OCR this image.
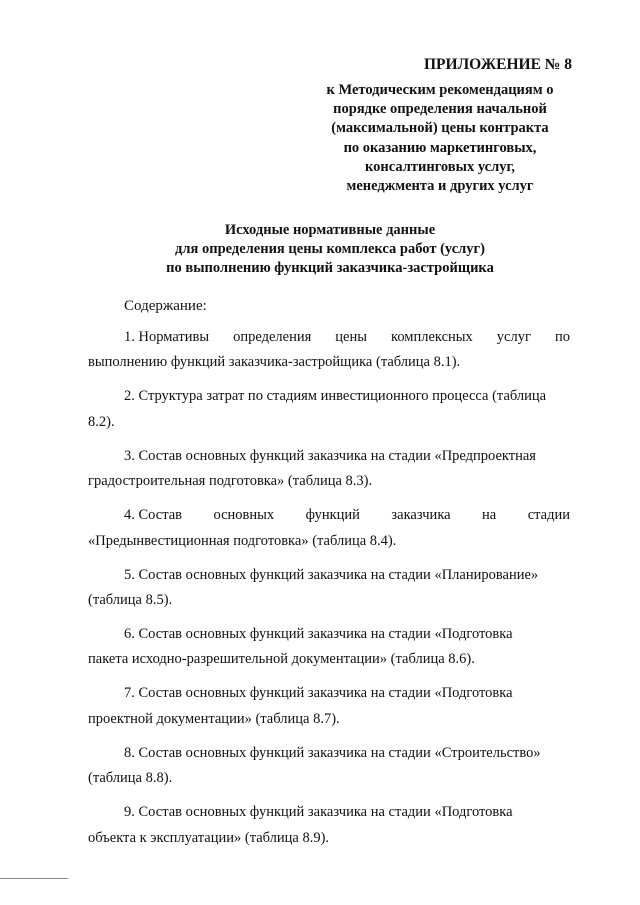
ПРИЛОЖЕНИЕ № 8

к Методическим рекомендациям о
порядке определения начальной
(максимальной) цены контракта
по оказанию маркетинговых,
консалтинговых услуг,
менеджмента и других услуг

Исходные нормативные данные
для определения цены комплекса работ (услуг)
по выполнению функций заказчика-застройщика

Содержание:

1. Нормативы определения цены комплексных услуг по
выполнению функций заказчика-застройщика (таблица 8.1).
2. Структура затрат по стадиям инвестиционного процесса (таблица
8.2).
3. Состав основных функций заказчика на стадии «Предпроектная
градостроительная подготовка» (таблица 8.3).
4. Состав основных функций заказчика на стадии
«Предынвестиционная подготовка» (таблица 8.4).
5. Состав основных функций заказчика на стадии «Планирование»
(таблица 8.5).
6. Состав основных функций заказчика на стадии «Подготовка
пакета исходно-разрешительной документации» (таблица 8.6).
7. Состав основных функций заказчика на стадии «Подготовка
проектной документации» (таблица 8.7).
8. Состав основных функций заказчика на стадии «Строительство»
(таблица 8.8).
9. Состав основных функций заказчика на стадии «Подготовка
объекта к эксплуатации» (таблица 8.9).
